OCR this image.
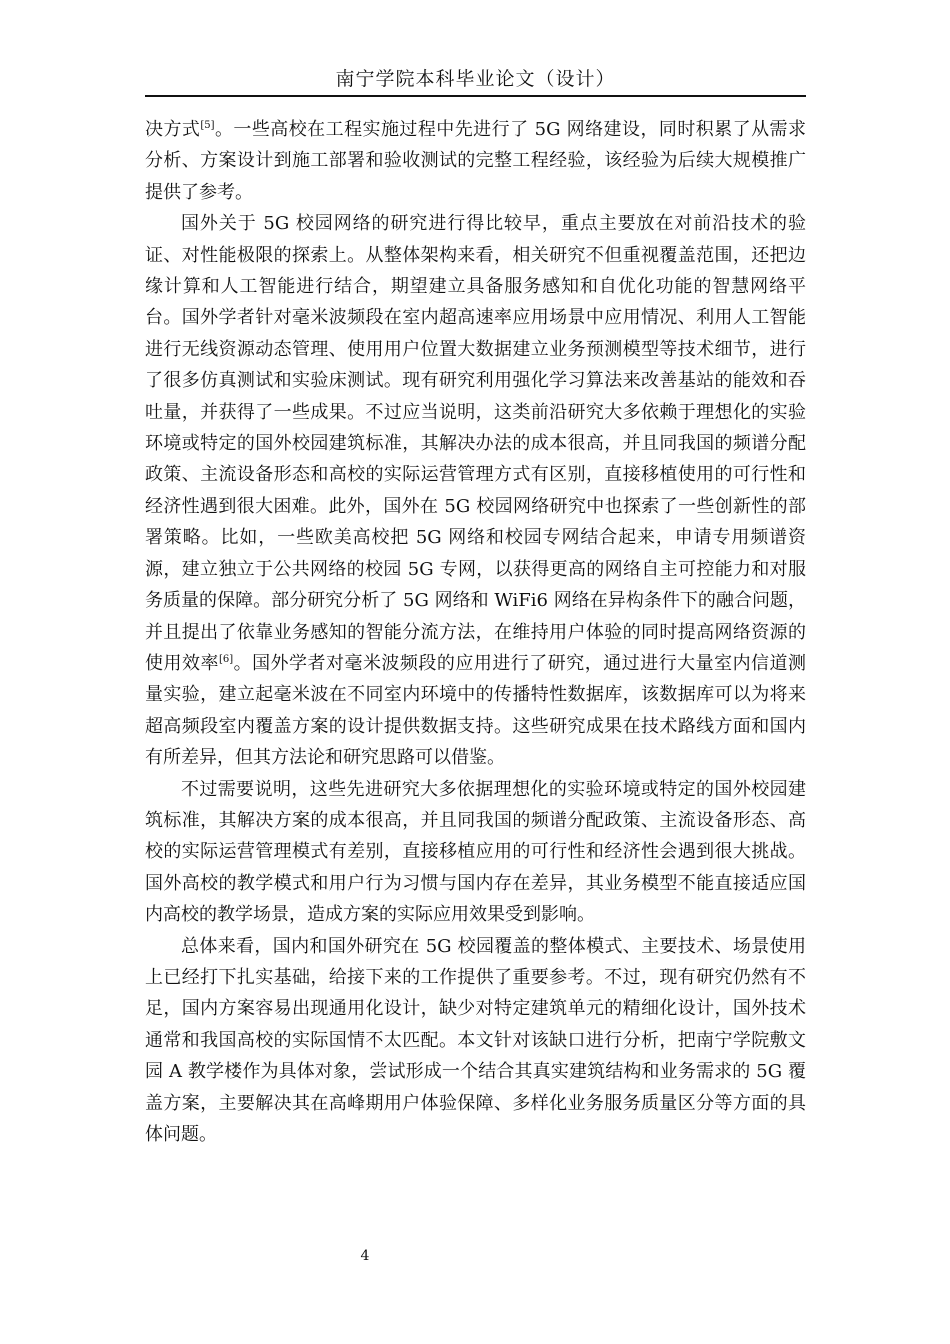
南宁学院本科毕业论文（设计）

决方式[5]。一些高校在工程实施过程中先进行了 5G 网络建设，同时积累了从需求分析、方案设计到施工部署和验收测试的完整工程经验，该经验为后续大规模推广提供了参考。

国外关于 5G 校园网络的研究进行得比较早，重点主要放在对前沿技术的验证、对性能极限的探索上。从整体架构来看，相关研究不但重视覆盖范围，还把边缘计算和人工智能进行结合，期望建立具备服务感知和自优化功能的智慧网络平台。国外学者针对毫米波频段在室内超高速率应用场景中应用情况、利用人工智能进行无线资源动态管理、使用用户位置大数据建立业务预测模型等技术细节，进行了很多仿真测试和实验床测试。现有研究利用强化学习算法来改善基站的能效和吞吐量，并获得了一些成果。不过应当说明，这类前沿研究大多依赖于理想化的实验环境或特定的国外校园建筑标准，其解决办法的成本很高，并且同我国的频谱分配政策、主流设备形态和高校的实际运营管理方式有区别，直接移植使用的可行性和经济性遇到很大困难。此外，国外在 5G 校园网络研究中也探索了一些创新性的部署策略。比如，一些欧美高校把 5G 网络和校园专网结合起来，申请专用频谱资源，建立独立于公共网络的校园 5G 专网，以获得更高的网络自主可控能力和对服务质量的保障。部分研究分析了 5G 网络和 WiFi6 网络在异构条件下的融合问题，并且提出了依靠业务感知的智能分流方法，在维持用户体验的同时提高网络资源的使用效率[6]。国外学者对毫米波频段的应用进行了研究，通过进行大量室内信道测量实验，建立起毫米波在不同室内环境中的传播特性数据库，该数据库可以为将来超高频段室内覆盖方案的设计提供数据支持。这些研究成果在技术路线方面和国内有所差异，但其方法论和研究思路可以借鉴。

不过需要说明，这些先进研究大多依据理想化的实验环境或特定的国外校园建筑标准，其解决方案的成本很高，并且同我国的频谱分配政策、主流设备形态、高校的实际运营管理模式有差别，直接移植应用的可行性和经济性会遇到很大挑战。国外高校的教学模式和用户行为习惯与国内存在差异，其业务模型不能直接适应国内高校的教学场景，造成方案的实际应用效果受到影响。

总体来看，国内和国外研究在 5G 校园覆盖的整体模式、主要技术、场景使用上已经打下扎实基础，给接下来的工作提供了重要参考。不过，现有研究仍然有不足，国内方案容易出现通用化设计，缺少对特定建筑单元的精细化设计，国外技术通常和我国高校的实际国情不太匹配。本文针对该缺口进行分析，把南宁学院敷文园 A 教学楼作为具体对象，尝试形成一个结合其真实建筑结构和业务需求的 5G 覆盖方案，主要解决其在高峰期用户体验保障、多样化业务服务质量区分等方面的具体问题。

4
